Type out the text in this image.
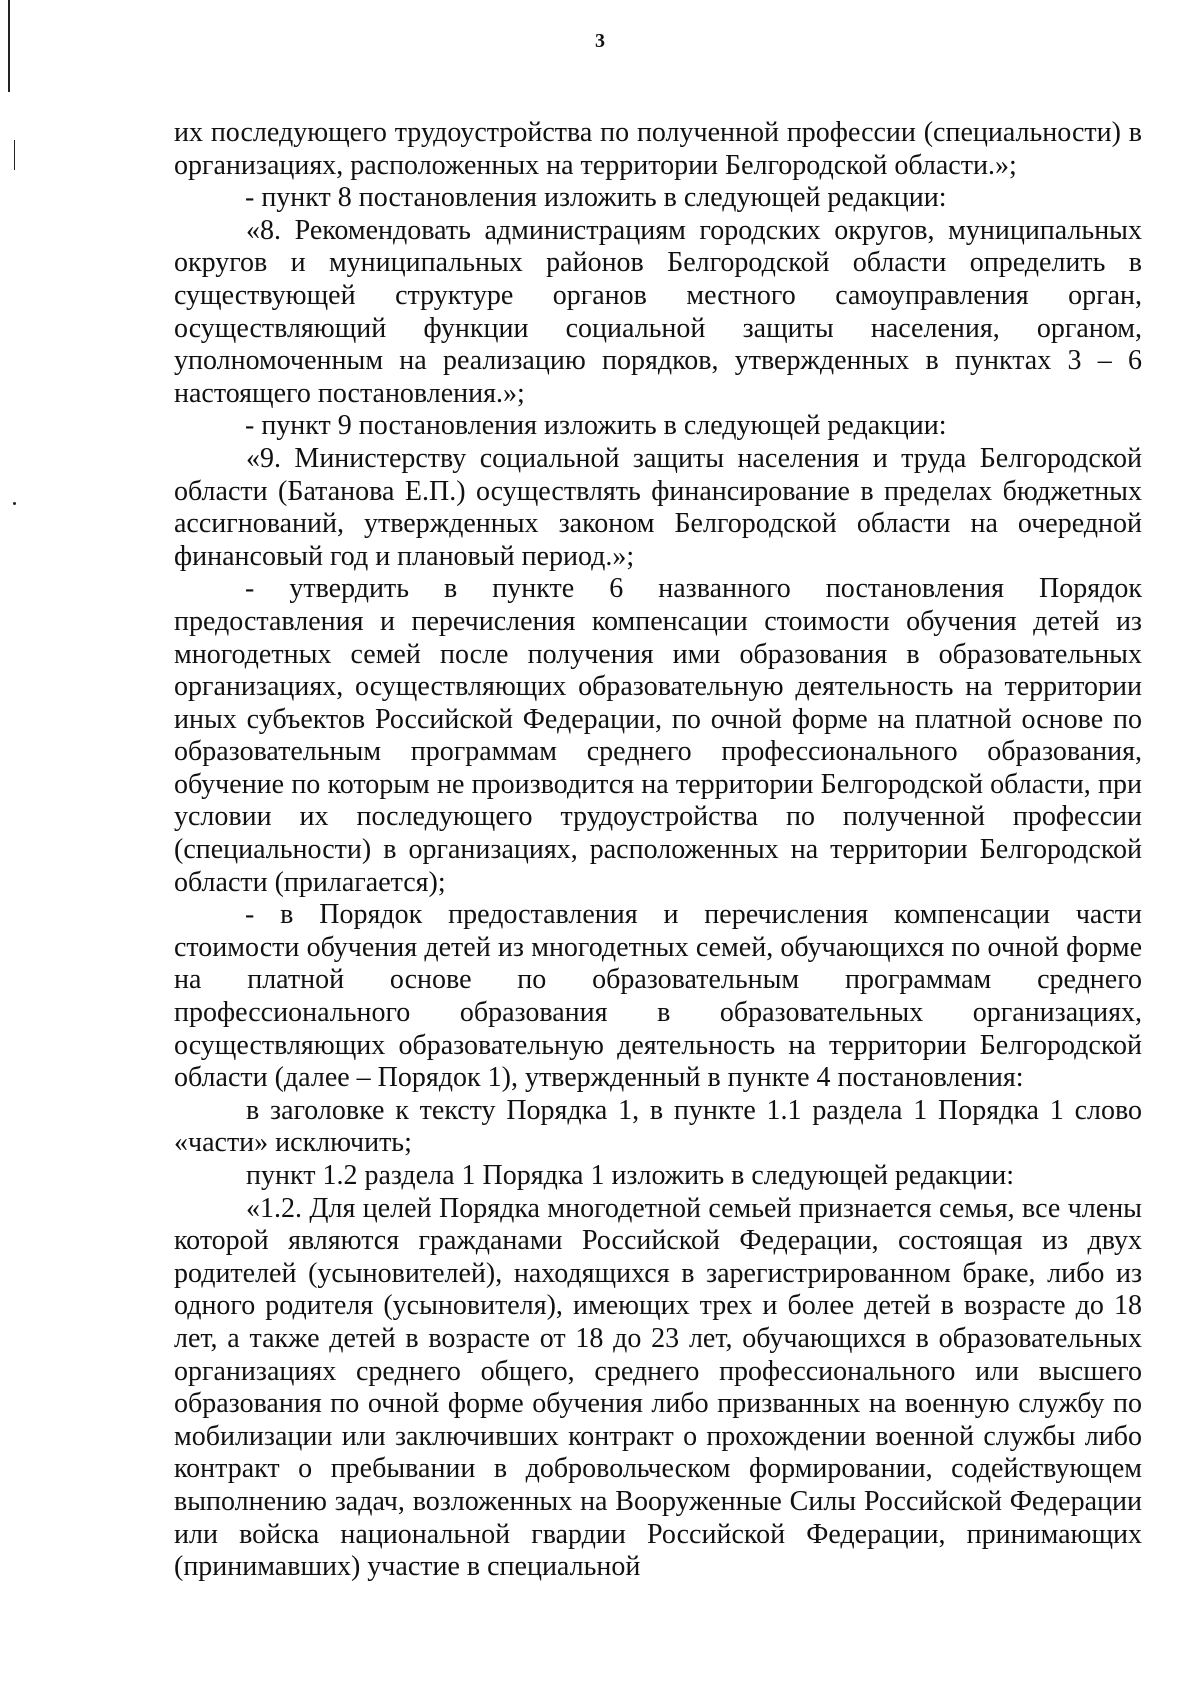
3

их последующего трудоустройства по полученной профессии (специальности) в организациях, расположенных на территории Белгородской области.»;

- пункт 8 постановления изложить в следующей редакции:

«8. Рекомендовать администрациям городских округов, муниципальных округов и муниципальных районов Белгородской области определить в существующей структуре органов местного самоуправления орган, осуществляющий функции социальной защиты населения, органом, уполномоченным на реализацию порядков, утвержденных в пунктах 3 – 6 настоящего постановления.»;

- пункт 9 постановления изложить в следующей редакции:

«9. Министерству социальной защиты населения и труда Белгородской области (Батанова Е.П.) осуществлять финансирование в пределах бюджетных ассигнований, утвержденных законом Белгородской области на очередной финансовый год и плановый период.»;

- утвердить в пункте 6 названного постановления Порядок предоставления и перечисления компенсации стоимости обучения детей из многодетных семей после получения ими образования в образовательных организациях, осуществляющих образовательную деятельность на территории иных субъектов Российской Федерации, по очной форме на платной основе по образовательным программам среднего профессионального образования, обучение по которым не производится на территории Белгородской области, при условии их последующего трудоустройства по полученной профессии (специальности) в организациях, расположенных на территории Белгородской области (прилагается);

- в Порядок предоставления и перечисления компенсации части стоимости обучения детей из многодетных семей, обучающихся по очной форме на платной основе по образовательным программам среднего профессионального образования в образовательных организациях, осуществляющих образовательную деятельность на территории Белгородской области (далее – Порядок 1), утвержденный в пункте 4 постановления:

в заголовке к тексту Порядка 1, в пункте 1.1 раздела 1 Порядка 1 слово «части» исключить;

пункт 1.2 раздела 1 Порядка 1 изложить в следующей редакции:

«1.2. Для целей Порядка многодетной семьей признается семья, все члены которой являются гражданами Российской Федерации, состоящая из двух родителей (усыновителей), находящихся в зарегистрированном браке, либо из одного родителя (усыновителя), имеющих трех и более детей в возрасте до 18 лет, а также детей в возрасте от 18 до 23 лет, обучающихся в образовательных организациях среднего общего, среднего профессионального или высшего образования по очной форме обучения либо призванных на военную службу по мобилизации или заключивших контракт о прохождении военной службы либо контракт о пребывании в добровольческом формировании, содействующем выполнению задач, возложенных на Вооруженные Силы Российской Федерации или войска национальной гвардии Российской Федерации, принимающих (принимавших) участие в специальной
